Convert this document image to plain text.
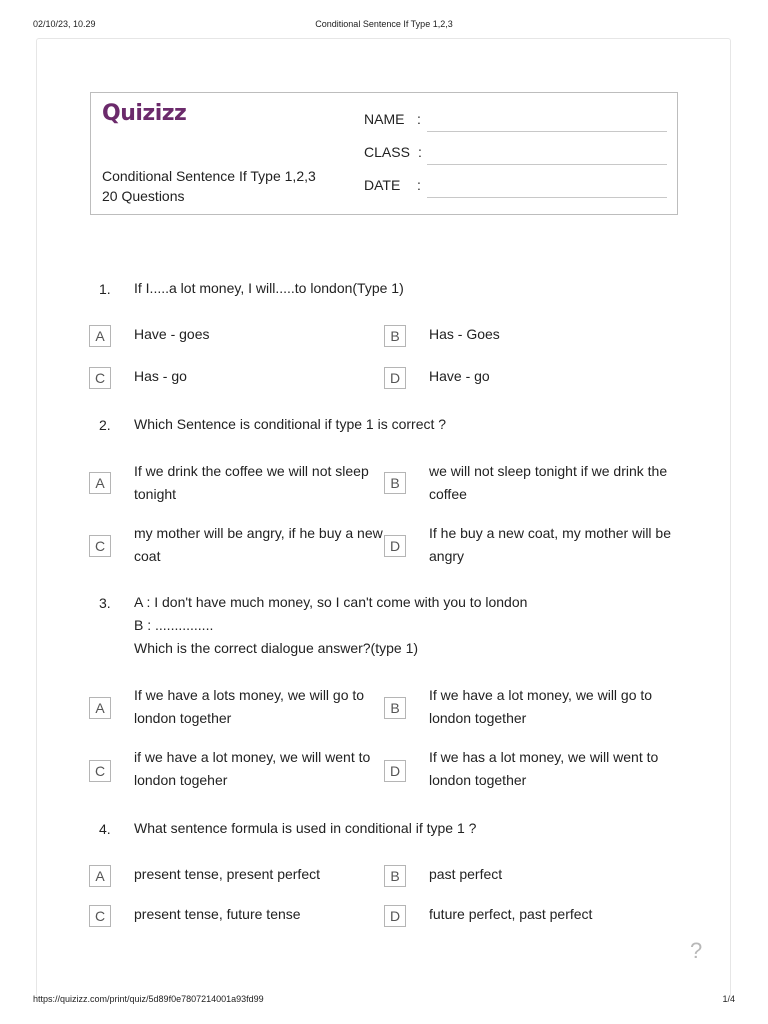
02/10/23, 10.29	Conditional Sentence If Type 1,2,3
https://quizizz.com/print/quiz/5d89f0e7807214001a93fd99	1/4
Quizizz
Conditional Sentence If Type 1,2,3
20 Questions
NAME :
CLASS :
DATE :
1. If I.....a lot money, I will.....to london(Type 1)
A	Have - goes	B	Has - Goes
C	Has - go	D	Have - go
2. Which Sentence is conditional if type 1 is correct ?
A
If we drink the coffee we will not sleep tonight
B
we will not sleep tonight if we drink the coffee
C
my mother will be angry, if he buy a new coat
D
If he buy a new coat, my mother will be angry
3. A : I don't have much money, so I can't come with you to london
B : ...............
Which is the correct dialogue answer?(type 1)
A
If we have a lots money, we will go to london together
B
If we have a lot money, we will go to london together
C
if we have a lot money, we will went to london togeher
D
If we has a lot money, we will went to london together
4. What sentence formula is used in conditional if type 1 ?
A	present tense, present perfect	B	past perfect
C	present tense, future tense	D	future perfect, past perfect
?
